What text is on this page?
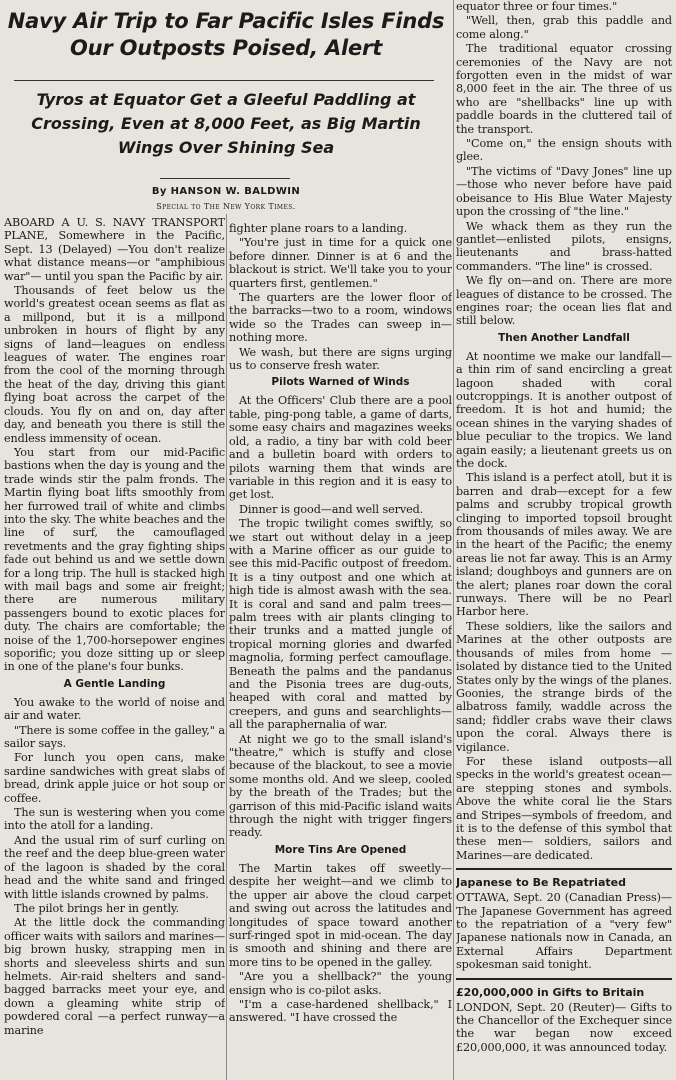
Navy Air Trip to Far Pacific Isles Finds Our Outposts Poised, Alert
Tyros at Equator Get a Gleeful Paddling at Crossing, Even at 8,000 Feet, as Big Martin Wings Over Shining Sea
By HANSON W. BALDWIN
Special to The New York Times.

ABOARD A U. S. NAVY TRANSPORT PLANE, Somewhere in the Pacific, Sept. 13 (Delayed) —You don't realize what distance means—or "amphibious war"— until you span the Pacific by air.

Thousands of feet below us the world's greatest ocean seems as flat as a millpond, but it is a millpond unbroken in hours of flight by any signs of land—leagues on endless leagues of water. The engines roar from the cool of the morning through the heat of the day, driving this giant flying boat across the carpet of the clouds. You fly on and on, day after day, and beneath you there is still the endless immensity of ocean.

You start from our mid-Pacific bastions when the day is young and the trade winds stir the palm fronds. The Martin flying boat lifts smoothly from her furrowed trail of white and climbs into the sky. The white beaches and the line of surf, the camouflaged revetments and the gray fighting ships fade out behind us and we settle down for a long trip. The hull is stacked high with mail bags and some air freight; there are numerous military passengers bound to exotic places for duty. The chairs are comfortable; the noise of the 1,700-horsepower engines soporific; you doze sitting up or sleep in one of the plane's four bunks.

A Gentle Landing

You awake to the world of noise and air and water.

"There is some coffee in the galley," a sailor says.

For lunch you open cans, make sardine sandwiches with great slabs of bread, drink apple juice or hot soup or coffee.

The sun is westering when you come into the atoll for a landing.

And the usual rim of surf curling on the reef and the deep blue-green water of the lagoon is shaded by the coral head and the white sand and fringed with little islands crowned by palms.

The pilot brings her in gently.

At the little dock the commanding officer waits with sailors and marines—big brown husky, strapping men in shorts and sleeveless shirts and sun helmets. Air-raid shelters and sand-bagged barracks meet your eye, and down a gleaming white strip of powdered coral —a perfect runway—a marine

fighter plane roars to a landing.

"You're just in time for a quick one before dinner. Dinner is at 6 and the blackout is strict. We'll take you to your quarters first, gentlemen."

The quarters are the lower floor of the barracks—two to a room, windows wide so the Trades can sweep in—nothing more.

We wash, but there are signs urging us to conserve fresh water.

Pilots Warned of Winds

At the Officers' Club there are a pool table, ping-pong table, a game of darts, some easy chairs and magazines weeks old, a radio, a tiny bar with cold beer and a bulletin board with orders to pilots warning them that winds are variable in this region and it is easy to get lost.

Dinner is good—and well served.

The tropic twilight comes swiftly, so we start out without delay in a jeep with a Marine officer as our guide to see this mid-Pacific outpost of freedom. It is a tiny outpost and one which at high tide is almost awash with the sea. It is coral and sand and palm trees— palm trees with air plants clinging to their trunks and a matted jungle of tropical morning glories and dwarfed magnolia, forming perfect camouflage. Beneath the palms and the pandanus and the Pisonia trees are dug-outs, heaped with coral and matted by creepers, and guns and searchlights—all the paraphernalia of war.

At night we go to the small island's "theatre," which is stuffy and close because of the blackout, to see a movie some months old. And we sleep, cooled by the breath of the Trades; but the garrison of this mid-Pacific island waits through the night with trigger fingers ready.

More Tins Are Opened

The Martin takes off sweetly— despite her weight—and we climb to the upper air above the cloud carpet and swing out across the latitudes and longitudes of space toward another surf-ringed spot in mid-ocean. The day is smooth and shining and there are more tins to be opened in the galley.

"Are you a shellback?" the young ensign who is co-pilot asks.

"I'm a case-hardened shellback," I answered. "I have crossed the

equator three or four times."

"Well, then, grab this paddle and come along."

The traditional equator crossing ceremonies of the Navy are not forgotten even in the midst of war 8,000 feet in the air. The three of us who are "shellbacks" line up with paddle boards in the cluttered tail of the transport.

"Come on," the ensign shouts with glee.

"The victims of "Davy Jones" line up—those who never before have paid obeisance to His Blue Water Majesty upon the crossing of "the line."

We whack them as they run the gantlet—enlisted pilots, ensigns, lieutenants and brass-hatted commanders. "The line" is crossed.

We fly on—and on. There are more leagues of distance to be crossed. The engines roar; the ocean lies flat and still below.

Then Another Landfall

At noontime we make our landfall—a thin rim of sand encircling a great lagoon shaded with coral outcroppings. It is another outpost of freedom. It is hot and humid; the ocean shines in the varying shades of blue peculiar to the tropics. We land again easily; a lieutenant greets us on the dock.

This island is a perfect atoll, but it is barren and drab—except for a few palms and scrubby tropical growth clinging to imported topsoil brought from thousands of miles away. We are in the heart of the Pacific; the enemy areas lie not far away. This is an Army island; doughboys and gunners are on the alert; planes roar down the coral runways. There will be no Pearl Harbor here.

These soldiers, like the sailors and Marines at the other outposts are thousands of miles from home —isolated by distance tied to the United States only by the wings of the planes. Goonies, the strange birds of the albatross family, waddle across the sand; fiddler crabs wave their claws upon the coral. Always there is vigilance.

For these island outposts—all specks in the world's greatest ocean—are stepping stones and symbols. Above the white coral lie the Stars and Stripes—symbols of freedom, and it is to the defense of this symbol that these men— soldiers, sailors and Marines—are dedicated.

Japanese to Be Repatriated

OTTAWA, Sept. 20 (Canadian Press)—The Japanese Government has agreed to the repatriation of a "very few" Japanese nationals now in Canada, an External Affairs Department spokesman said tonight.

£20,000,000 in Gifts to Britain

LONDON, Sept. 20 (Reuter)— Gifts to the Chancellor of the Exchequer since the war began now exceed £20,000,000, it was announced today.
